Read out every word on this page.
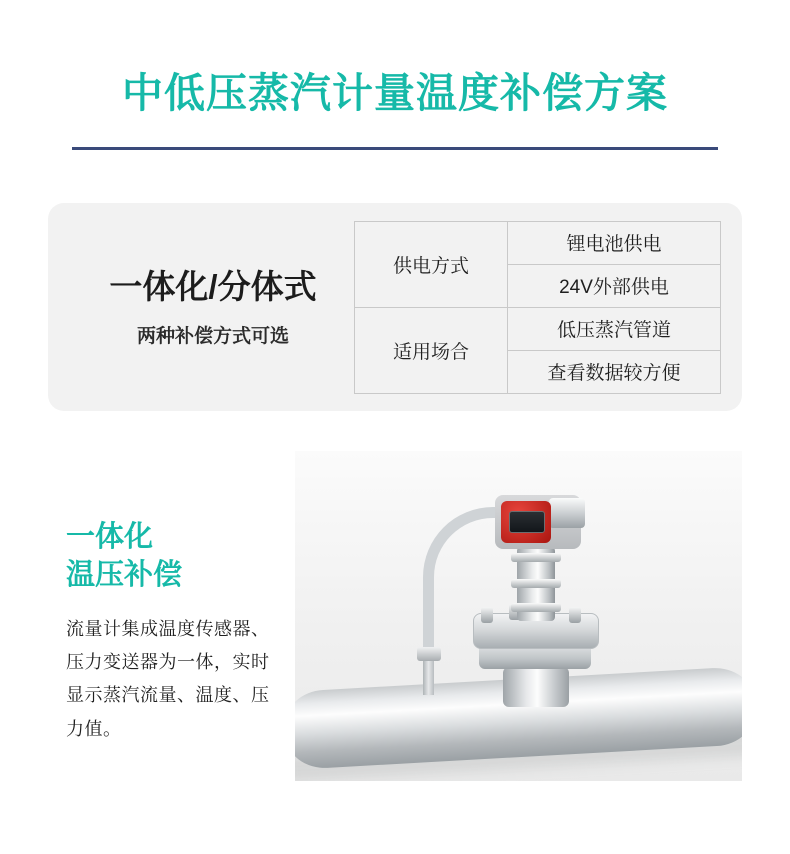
中低压蒸汽计量温度补偿方案
一体化/分体式
两种补偿方式可选
供电方式	锂电池供电
	24V外部供电
适用场合	低压蒸汽管道
	查看数据较方便
一体化
温压补偿
流量计集成温度传感器、
压力变送器为一体，实时
显示蒸汽流量、温度、压
力值。
